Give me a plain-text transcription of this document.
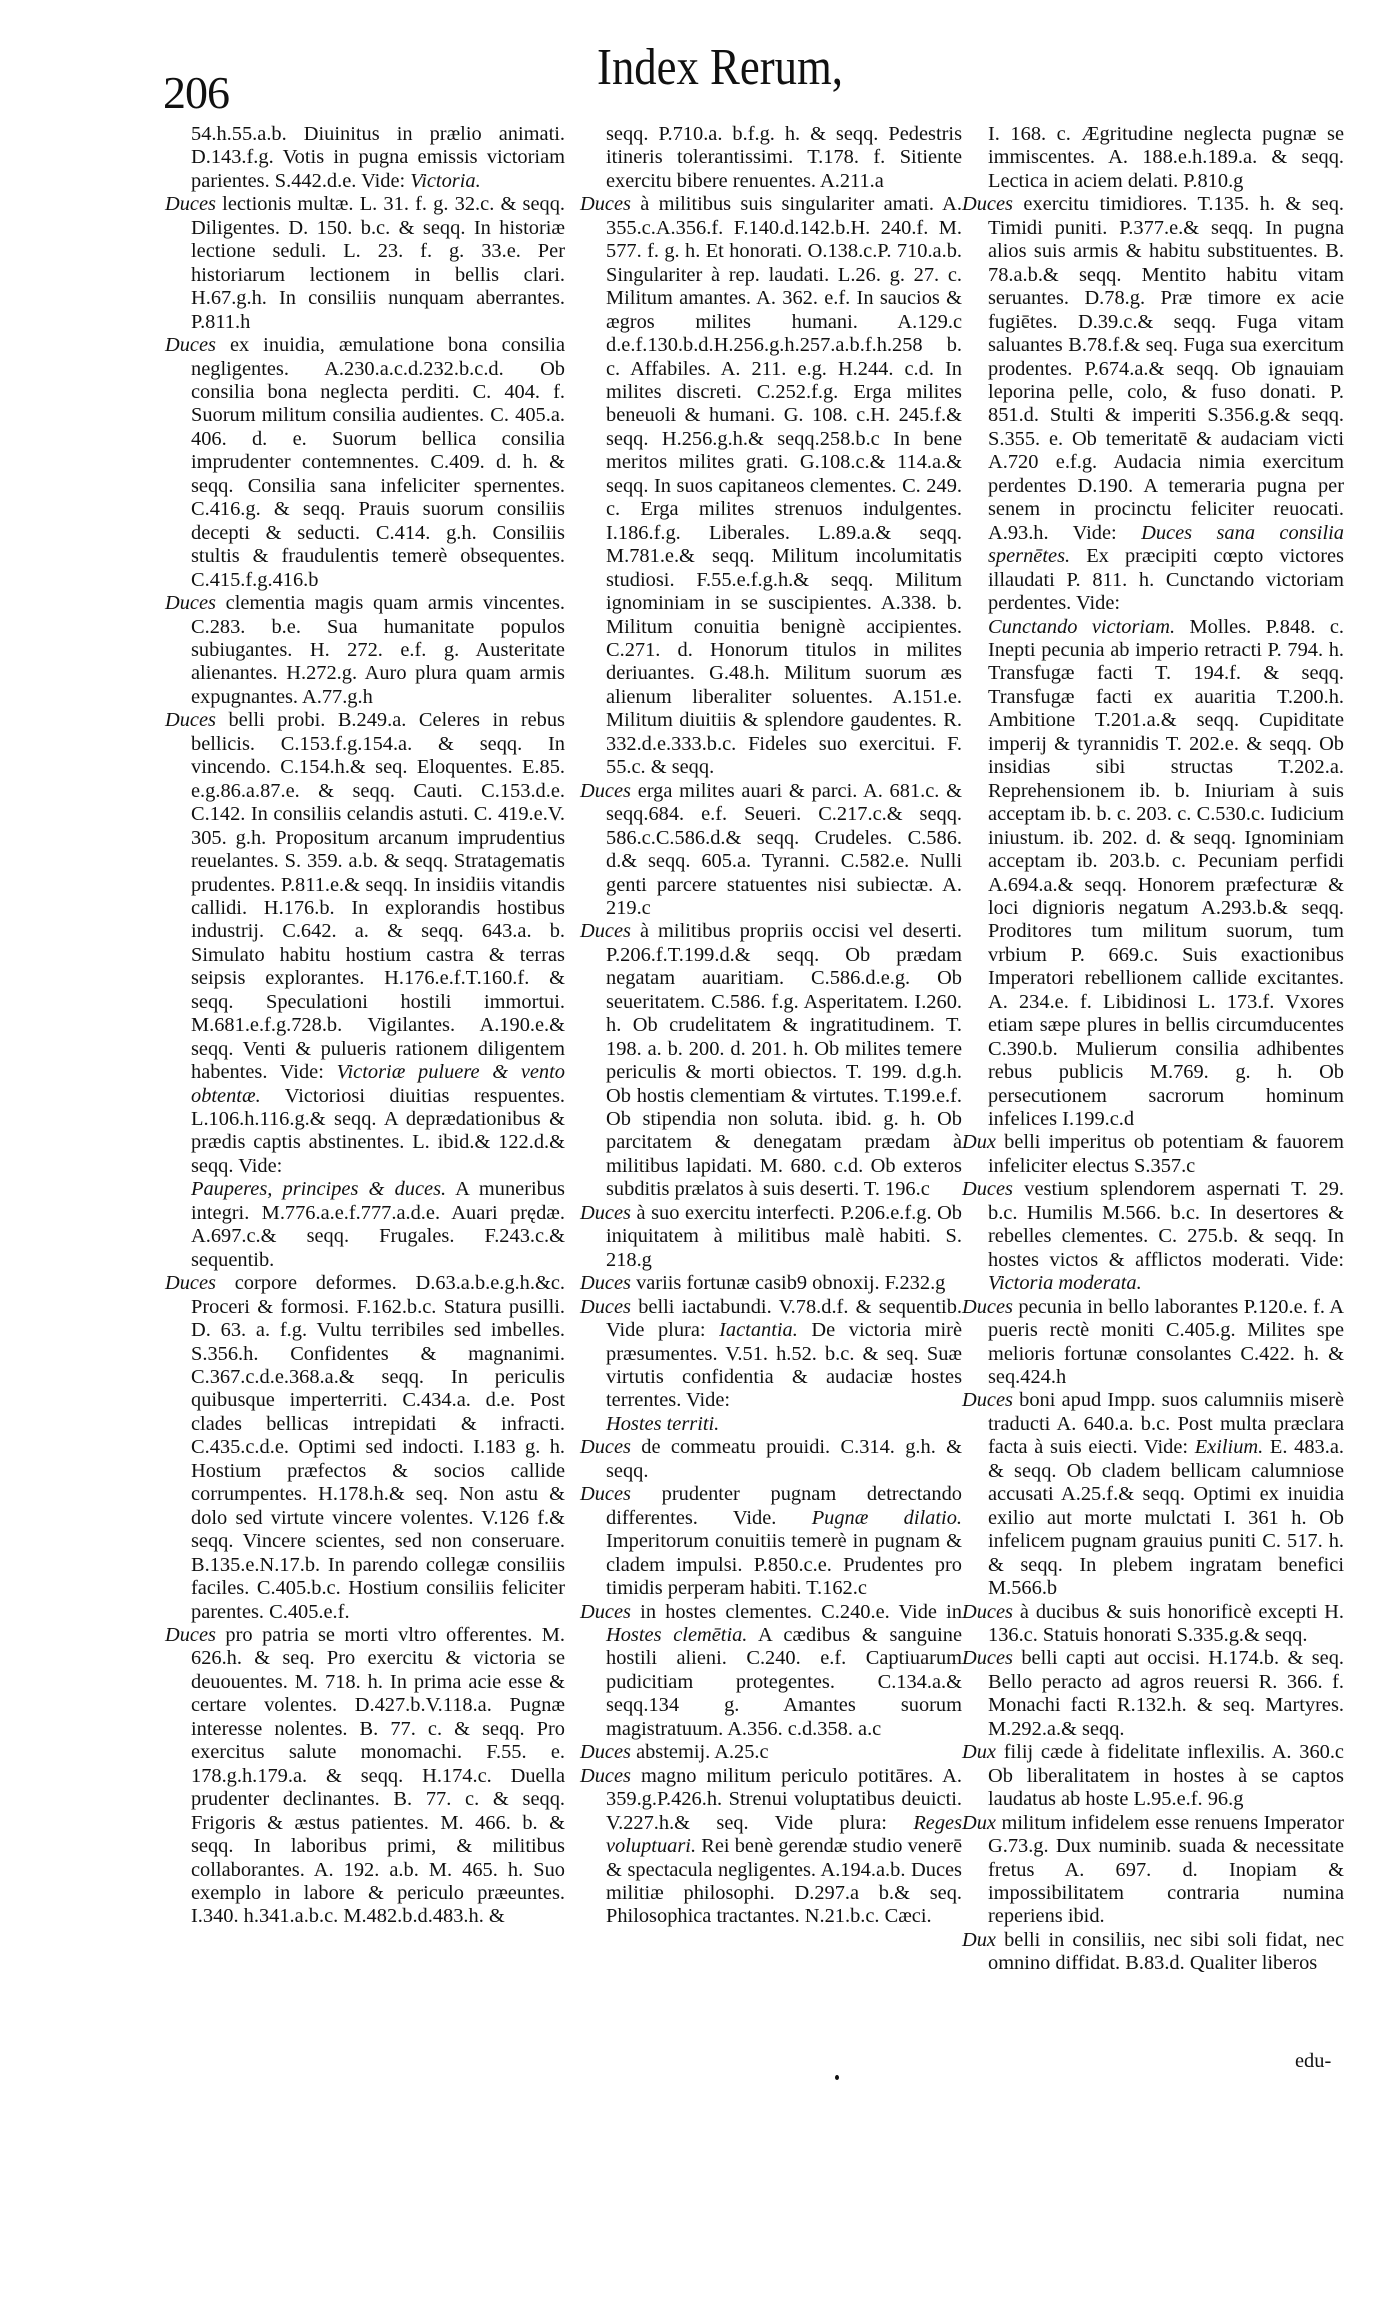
206	Index Rerum,

54.h.55.a.b. Diuinitus in prælio animati. D.143.f.g. Votis in pugna emissis victoriam parientes. S.442.d.e. Vide: Victoria.

Duces lectionis multæ. L. 31. f. g. 32.c. & seqq. Diligentes. D. 150. b.c. & seqq. In historiæ lectione seduli. L. 23. f. g. 33.e. Per historiarum lectionem in bellis clari. H.67.g.h. In consiliis nunquam aberrantes. P.811.h

Duces ex inuidia, æmulatione bona consilia negligentes. A.230.a.c.d.232.b.c.d. Ob consilia bona neglecta perditi. C. 404. f. Suorum militum consilia audientes. C. 405.a. 406. d. e. Suorum bellica consilia imprudenter contemnentes. C.409. d. h. & seqq. Consilia sana infeliciter spernentes. C.416.g. & seqq. Prauis suorum consiliis decepti & seducti. C.414. g.h. Consiliis stultis & fraudulentis temerè obsequentes. C.415.f.g.416.b

Duces clementia magis quam armis vincentes. C.283. b.e. Sua humanitate populos subiugantes. H. 272. e.f. g. Austeritate alienantes. H.272.g. Auro plura quam armis expugnantes. A.77.g.h

Duces belli probi. B.249.a. Celeres in rebus bellicis. C.153.f.g.154.a. & seqq. In vincendo. C.154.h.& seq. Eloquentes. E.85. e.g.86.a.87.e. & seqq. Cauti. C.153.d.e. C.142. In consiliis celandis astuti. C. 419.e.V. 305. g.h. Propositum arcanum imprudentius reuelantes. S. 359. a.b. & seqq. Stratagematis prudentes. P.811.e.& seqq. In insidiis vitandis callidi. H.176.b. In explorandis hostibus industrij. C.642. a. & seqq. 643.a. b. Simulato habitu hostium castra & terras seipsis explorantes. H.176.e.f.T.160.f. & seqq. Speculationi hostili immortui. M.681.e.f.g.728.b. Vigilantes. A.190.e.& seqq. Venti & pulueris rationem diligentem habentes. Vide: Victoriæ puluere & vento obtentæ. Victoriosi diuitias respuentes. L.106.h.116.g.& seqq. A deprædationibus & prædis captis abstinentes. L. ibid.& 122.d.& seqq. Vide:

Pauperes, principes & duces. A muneribus integri. M.776.a.e.f.777.a.d.e. Auari prędæ. A.697.c.& seqq. Frugales. F.243.c.& sequentib.

Duces corpore deformes. D.63.a.b.e.g.h.&c. Proceri & formosi. F.162.b.c. Statura pusilli. D. 63. a. f.g. Vultu terribiles sed imbelles. S.356.h. Confidentes & magnanimi. C.367.c.d.e.368.a.& seqq. In periculis quibusque imperterriti. C.434.a. d.e. Post clades bellicas intrepidati & infracti. C.435.c.d.e. Optimi sed indocti. I.183 g. h. Hostium præfectos & socios callide corrumpentes. H.178.h.& seq. Non astu & dolo sed virtute vincere volentes. V.126 f.& seqq. Vincere scientes, sed non conseruare. B.135.e.N.17.b. In parendo collegæ consiliis faciles. C.405.b.c. Hostium consiliis feliciter parentes. C.405.e.f.

Duces pro patria se morti vltro offerentes. M. 626.h. & seq. Pro exercitu & victoria se deuouentes. M. 718. h. In prima acie esse & certare volentes. D.427.b.V.118.a. Pugnæ interesse nolentes. B. 77. c. & seqq. Pro exercitus salute monomachi. F.55. e. 178.g.h.179.a. & seqq. H.174.c. Duella prudenter declinantes. B. 77. c. & seqq. Frigoris & æstus patientes. M. 466. b. & seqq. In laboribus primi, & militibus collaborantes. A. 192. a.b. M. 465. h. Suo exemplo in labore & periculo præeuntes. I.340. h.341.a.b.c. M.482.b.d.483.h. &

seqq. P.710.a. b.f.g. h. & seqq. Pedestris itineris tolerantissimi. T.178. f. Sitiente exercitu bibere renuentes. A.211.a

Duces à militibus suis singulariter amati. A. 355.c.A.356.f. F.140.d.142.b.H. 240.f. M. 577. f. g. h. Et honorati. O.138.c.P. 710.a.b. Singulariter à rep. laudati. L.26. g. 27. c. Militum amantes. A. 362. e.f. In saucios & ægros milites humani. A.129.c d.e.f.130.b.d.H.256.g.h.257.a.b.f.h.258 b. c. Affabiles. A. 211. e.g. H.244. c.d. In milites discreti. C.252.f.g. Erga milites beneuoli & humani. G. 108. c.H. 245.f.& seqq. H.256.g.h.& seqq.258.b.c In bene meritos milites grati. G.108.c.& 114.a.& seqq. In suos capitaneos clementes. C. 249. c. Erga milites strenuos indulgentes. I.186.f.g. Liberales. L.89.a.& seqq. M.781.e.& seqq. Militum incolumitatis studiosi. F.55.e.f.g.h.& seqq. Militum ignominiam in se suscipientes. A.338. b. Militum conuitia benignè accipientes. C.271. d. Honorum titulos in milites deriuantes. G.48.h. Militum suorum æs alienum liberaliter soluentes. A.151.e. Militum diuitiis & splendore gaudentes. R. 332.d.e.333.b.c. Fideles suo exercitui. F. 55.c. & seqq.

Duces erga milites auari & parci. A. 681.c. & seqq.684. e.f. Seueri. C.217.c.& seqq. 586.c.C.586.d.& seqq. Crudeles. C.586. d.& seqq. 605.a. Tyranni. C.582.e. Nulli genti parcere statuentes nisi subiectæ. A. 219.c

Duces à militibus propriis occisi vel deserti. P.206.f.T.199.d.& seqq. Ob prædam negatam auaritiam. C.586.d.e.g. Ob seueritatem. C.586. f.g. Asperitatem. I.260. h. Ob crudelitatem & ingratitudinem. T. 198. a. b. 200. d. 201. h. Ob milites temere periculis & morti obiectos. T. 199. d.g.h. Ob hostis clementiam & virtutes. T.199.e.f. Ob stipendia non soluta. ibid. g. h. Ob parcitatem & denegatam prædam à militibus lapidati. M. 680. c.d. Ob exteros subditis prælatos à suis deserti. T. 196.c

Duces à suo exercitu interfecti. P.206.e.f.g. Ob iniquitatem à militibus malè habiti. S. 218.g

Duces variis fortunæ casib9 obnoxij. F.232.g

Duces belli iactabundi. V.78.d.f. & sequentib. Vide plura: Iactantia. De victoria mirè præsumentes. V.51. h.52. b.c. & seq. Suæ virtutis confidentia & audaciæ hostes terrentes. Vide:

Hostes territi.

Duces de commeatu prouidi. C.314. g.h. & seqq.

Duces prudenter pugnam detrectando differentes. Vide. Pugnæ dilatio. Imperitorum conuitiis temerè in pugnam & cladem impulsi. P.850.c.e. Prudentes pro timidis perperam habiti. T.162.c

Duces in hostes clementes. C.240.e. Vide in Hostes clemētia. A cædibus & sanguine hostili alieni. C.240. e.f. Captiuarum pudicitiam protegentes. C.134.a.& seqq.134 g. Amantes suorum magistratuum. A.356. c.d.358. a.c

Duces abstemij. A.25.c

Duces magno militum periculo potitāres. A. 359.g.P.426.h. Strenui voluptatibus deuicti. V.227.h.& seq. Vide plura: Reges voluptuari. Rei benè gerendæ studio venerē & spectacula negligentes. A.194.a.b. Duces militiæ philosophi. D.297.a b.& seq. Philosophica tractantes. N.21.b.c. Cæci.

I. 168. c. Ægritudine neglecta pugnæ se immiscentes. A. 188.e.h.189.a. & seqq. Lectica in aciem delati. P.810.g

Duces exercitu timidiores. T.135. h. & seq. Timidi puniti. P.377.e.& seqq. In pugna alios suis armis & habitu substituentes. B. 78.a.b.& seqq. Mentito habitu vitam seruantes. D.78.g. Præ timore ex acie fugiētes. D.39.c.& seqq. Fuga vitam saluantes B.78.f.& seq. Fuga sua exercitum prodentes. P.674.a.& seqq. Ob ignauiam leporina pelle, colo, & fuso donati. P. 851.d. Stulti & imperiti S.356.g.& seqq. S.355. e. Ob temeritatē & audaciam victi A.720 e.f.g. Audacia nimia exercitum perdentes D.190. A temeraria pugna per senem in procinctu feliciter reuocati. A.93.h. Vide: Duces sana consilia spernētes. Ex præcipiti cœpto victores illaudati P. 811. h. Cunctando victoriam perdentes. Vide:

Cunctando victoriam. Molles. P.848. c. Inepti pecunia ab imperio retracti P. 794. h. Transfugæ facti T. 194.f. & seqq. Transfugæ facti ex auaritia T.200.h. Ambitione T.201.a.& seqq. Cupiditate imperij & tyrannidis T. 202.e. & seqq. Ob insidias sibi structas T.202.a. Reprehensionem ib. b. Iniuriam à suis acceptam ib. b. c. 203. c. C.530.c. Iudicium iniustum. ib. 202. d. & seqq. Ignominiam acceptam ib. 203.b. c. Pecuniam perfidi A.694.a.& seqq. Honorem præfecturæ & loci dignioris negatum A.293.b.& seqq. Proditores tum militum suorum, tum vrbium P. 669.c. Suis exactionibus Imperatori rebellionem callide excitantes. A. 234.e. f. Libidinosi L. 173.f. Vxores etiam sæpe plures in bellis circumducentes C.390.b. Mulierum consilia adhibentes rebus publicis M.769. g. h. Ob persecutionem sacrorum hominum infelices I.199.c.d

Dux belli imperitus ob potentiam & fauorem infeliciter electus S.357.c

Duces vestium splendorem aspernati T. 29. b.c. Humilis M.566. b.c. In desertores & rebelles clementes. C. 275.b. & seqq. In hostes victos & afflictos moderati. Vide: Victoria moderata.

Duces pecunia in bello laborantes P.120.e. f. A pueris rectè moniti C.405.g. Milites spe melioris fortunæ consolantes C.422. h. & seq.424.h

Duces boni apud Impp. suos calumniis miserè traducti A. 640.a. b.c. Post multa præclara facta à suis eiecti. Vide: Exilium. E. 483.a. & seqq. Ob cladem bellicam calumniose accusati A.25.f.& seqq. Optimi ex inuidia exilio aut morte mulctati I. 361 h. Ob infelicem pugnam grauius puniti C. 517. h. & seqq. In plebem ingratam benefici M.566.b

Duces à ducibus & suis honorificè excepti H. 136.c. Statuis honorati S.335.g.& seqq.

Duces belli capti aut occisi. H.174.b. & seq. Bello peracto ad agros reuersi R. 366. f. Monachi facti R.132.h. & seq. Martyres. M.292.a.& seqq.

Dux filij cæde à fidelitate inflexilis. A. 360.c Ob liberalitatem in hostes à se captos laudatus ab hoste L.95.e.f. 96.g

Dux militum infidelem esse renuens Imperator G.73.g. Dux numinib. suada & necessitate fretus A. 697. d. Inopiam & impossibilitatem contraria numina reperiens ibid.

Dux belli in consiliis, nec sibi soli fidat, nec omnino diffidat. B.83.d. Qualiter liberos

edu-
